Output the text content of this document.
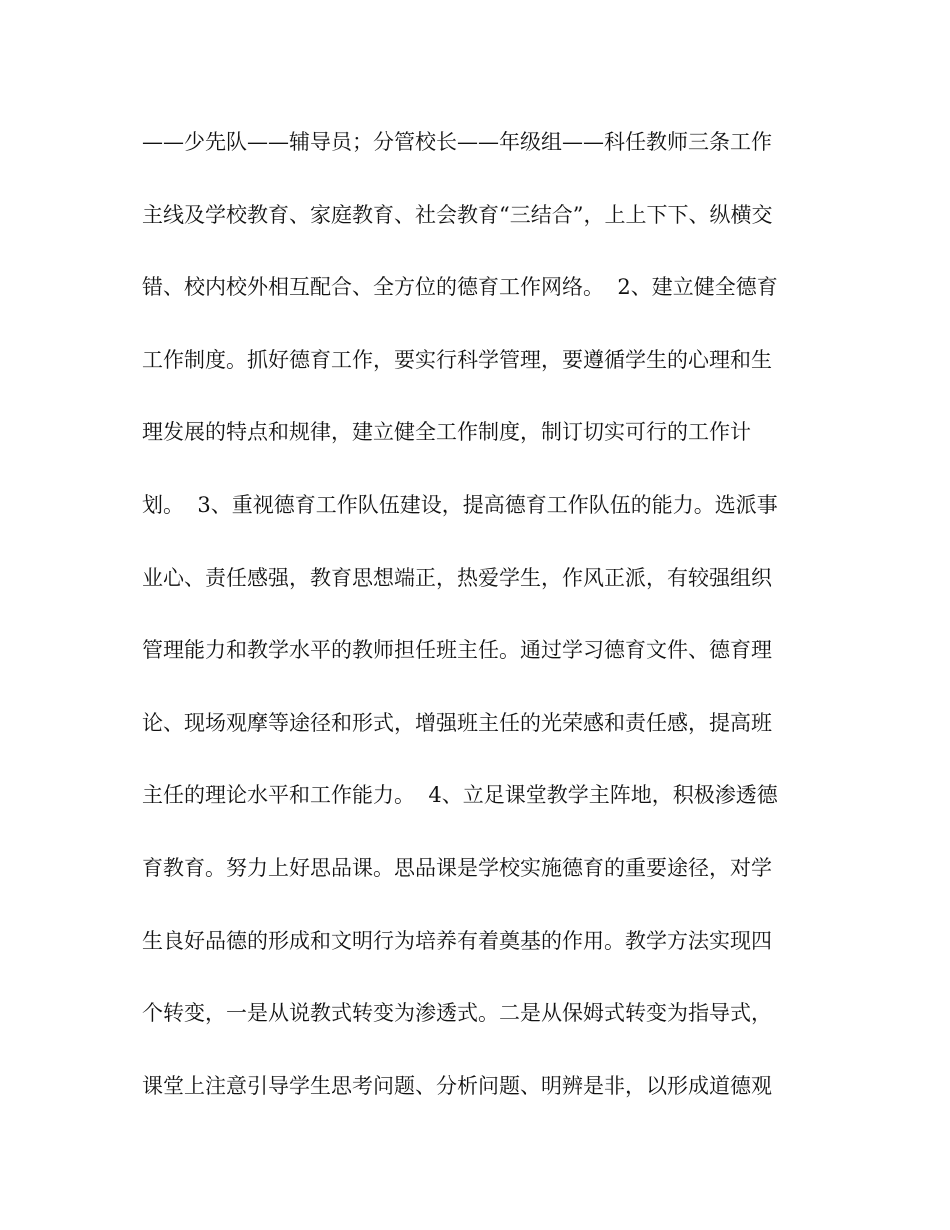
——少先队——辅导员；分管校长——年级组——科任教师三条工作
主线及学校教育、家庭教育、社会教育“三结合”，上上下下、纵横交
错、校内校外相互配合、全方位的德育工作网络。  2、建立健全德育
工作制度。抓好德育工作，要实行科学管理，要遵循学生的心理和生
理发展的特点和规律，建立健全工作制度，制订切实可行的工作计
划。  3、重视德育工作队伍建设，提高德育工作队伍的能力。选派事
业心、责任感强，教育思想端正，热爱学生，作风正派，有较强组织
管理能力和教学水平的教师担任班主任。通过学习德育文件、德育理
论、现场观摩等途径和形式，增强班主任的光荣感和责任感，提高班
主任的理论水平和工作能力。  4、立足课堂教学主阵地，积极渗透德
育教育。努力上好思品课。思品课是学校实施德育的重要途径，对学
生良好品德的形成和文明行为培养有着奠基的作用。教学方法实现四
个转变，一是从说教式转变为渗透式。二是从保姆式转变为指导式，
课堂上注意引导学生思考问题、分析问题、明辨是非，以形成道德观
